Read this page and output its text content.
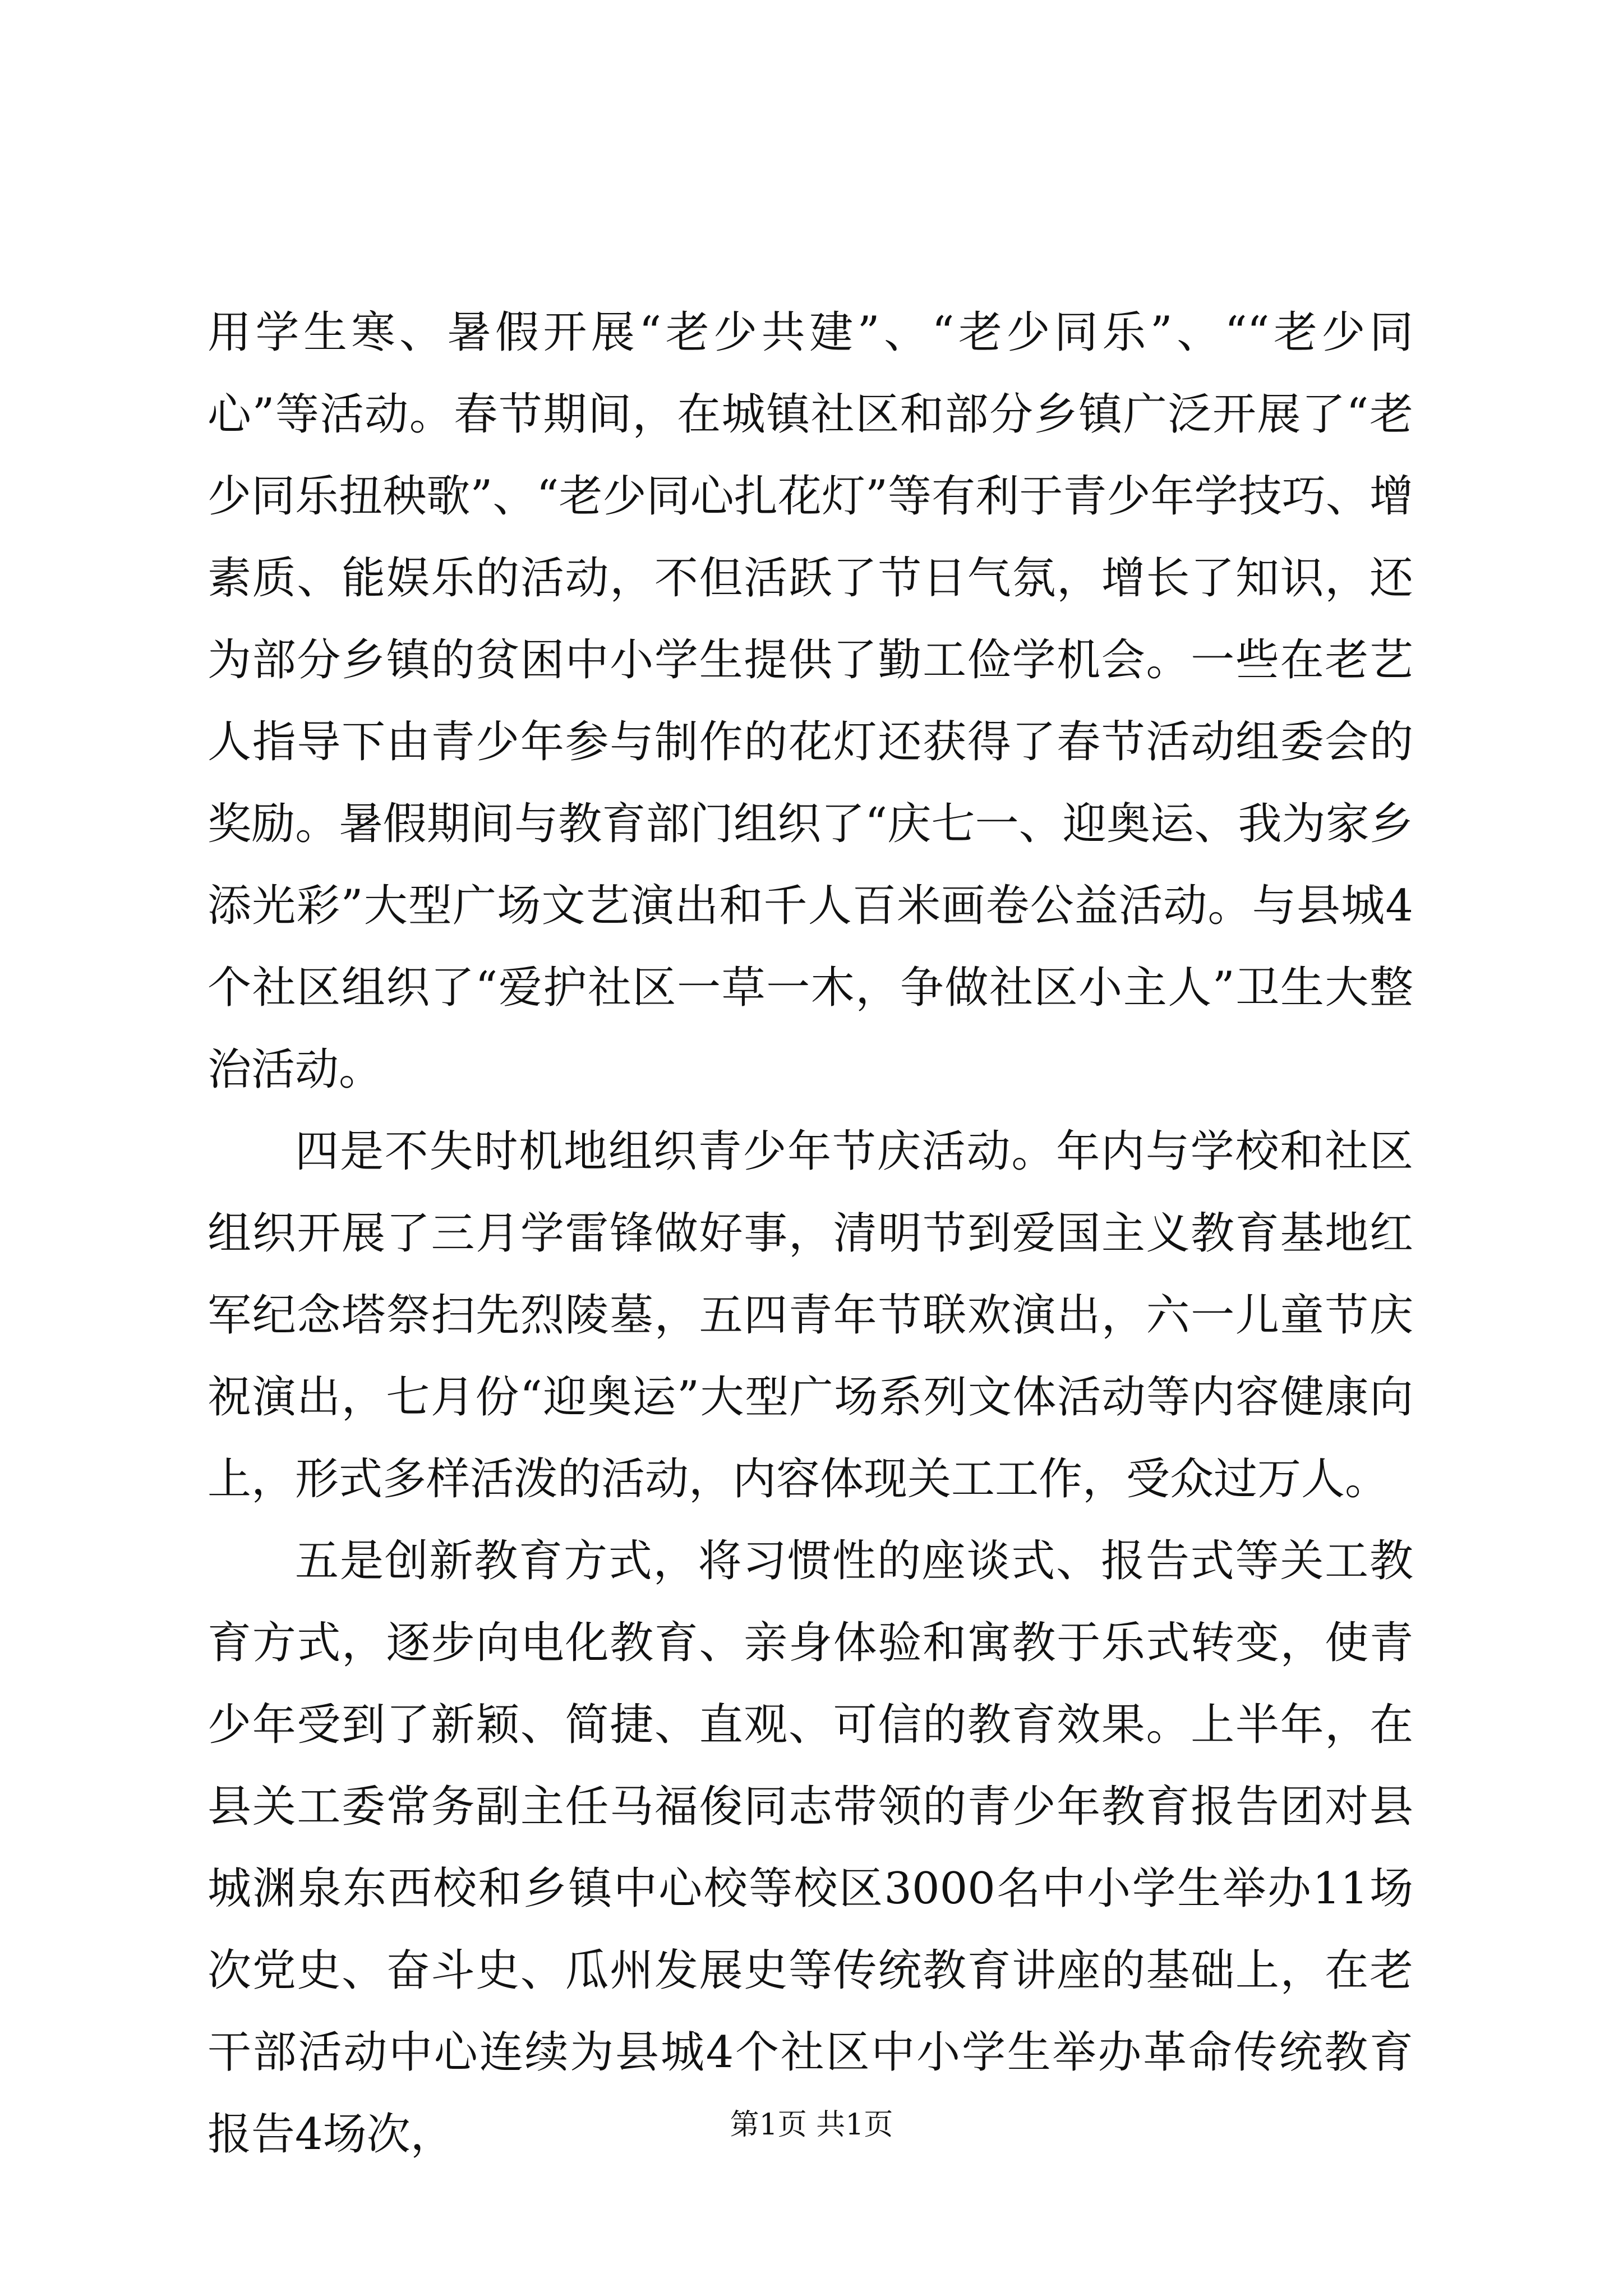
用学生寒、暑假开展“老少共建”、“老少同乐”、““老少同心”等活动。春节期间，在城镇社区和部分乡镇广泛开展了“老少同乐扭秧歌”、“老少同心扎花灯”等有利于青少年学技巧、增素质、能娱乐的活动，不但活跃了节日气氛，增长了知识，还为部分乡镇的贫困中小学生提供了勤工俭学机会。一些在老艺人指导下由青少年参与制作的花灯还获得了春节活动组委会的奖励。暑假期间与教育部门组织了“庆七一、迎奥运、我为家乡添光彩”大型广场文艺演出和千人百米画卷公益活动。与县城4个社区组织了“爱护社区一草一木，争做社区小主人”卫生大整治活动。

四是不失时机地组织青少年节庆活动。年内与学校和社区组织开展了三月学雷锋做好事，清明节到爱国主义教育基地红军纪念塔祭扫先烈陵墓，五四青年节联欢演出，六一儿童节庆祝演出，七月份“迎奥运”大型广场系列文体活动等内容健康向上，形式多样活泼的活动，内容体现关工工作，受众过万人。

五是创新教育方式，将习惯性的座谈式、报告式等关工教育方式，逐步向电化教育、亲身体验和寓教于乐式转变，使青少年受到了新颖、简捷、直观、可信的教育效果。上半年，在县关工委常务副主任马福俊同志带领的青少年教育报告团对县城渊泉东西校和乡镇中心校等校区3000名中小学生举办11场次党史、奋斗史、瓜州发展史等传统教育讲座的基础上，在老干部活动中心连续为县城4个社区中小学生举办革命传统教育报告4场次，	第1页 共1页
